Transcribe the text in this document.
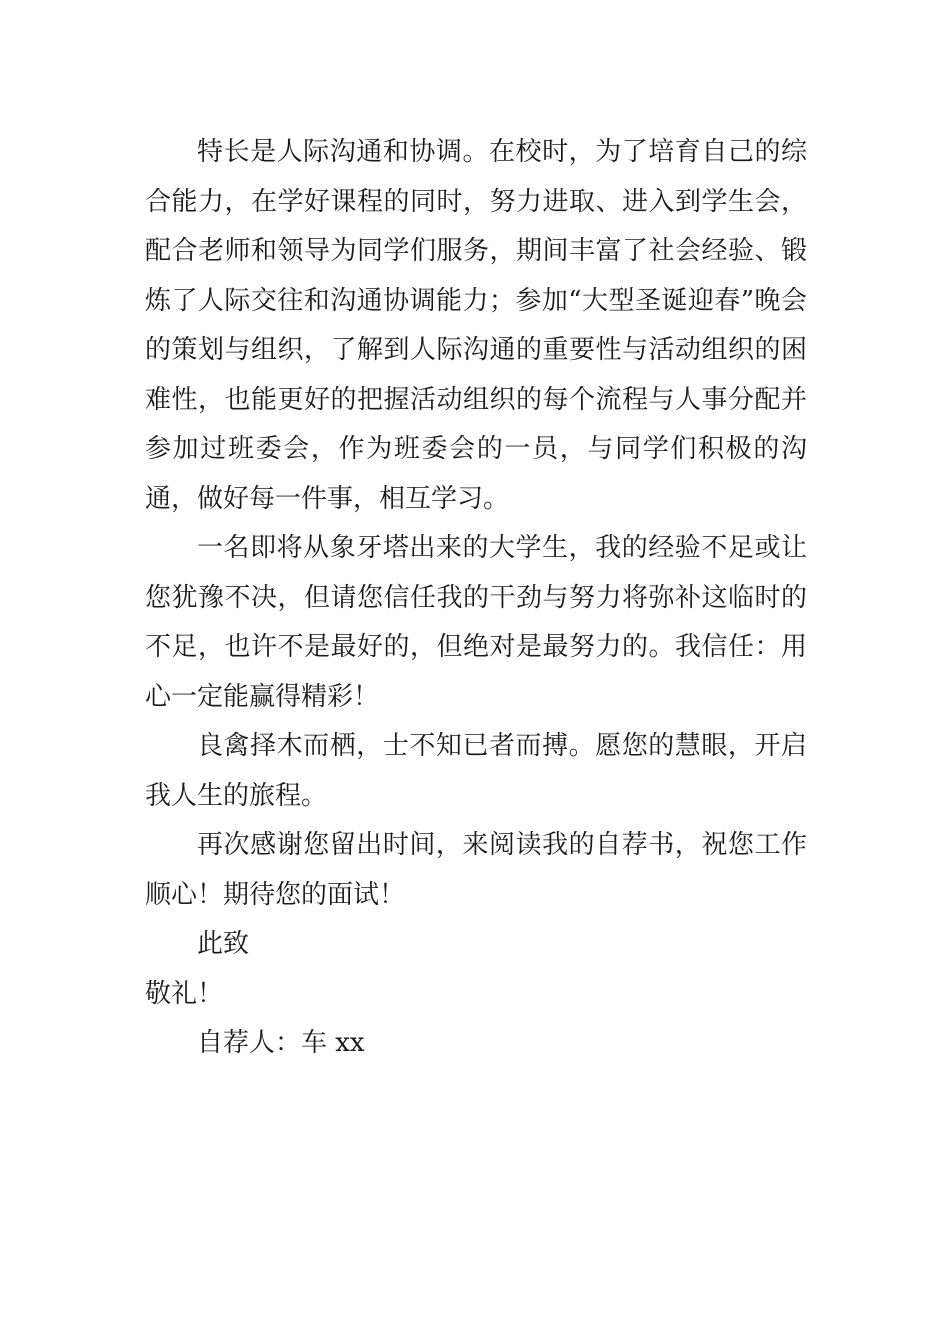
特长是人际沟通和协调。在校时，为了培育自己的综合能力，在学好课程的同时，努力进取、进入到学生会，配合老师和领导为同学们服务，期间丰富了社会经验、锻炼了人际交往和沟通协调能力；参加“大型圣诞迎春”晚会的策划与组织，了解到人际沟通的重要性与活动组织的困难性，也能更好的把握活动组织的每个流程与人事分配并参加过班委会，作为班委会的一员，与同学们积极的沟通，做好每一件事，相互学习。

一名即将从象牙塔出来的大学生，我的经验不足或让您犹豫不决，但请您信任我的干劲与努力将弥补这临时的不足，也许不是最好的，但绝对是最努力的。我信任：用心一定能赢得精彩！

良禽择木而栖，士不知已者而搏。愿您的慧眼，开启我人生的旅程。

再次感谢您留出时间，来阅读我的自荐书，祝您工作顺心！期待您的面试！

此致

敬礼！

自荐人：车 xx
